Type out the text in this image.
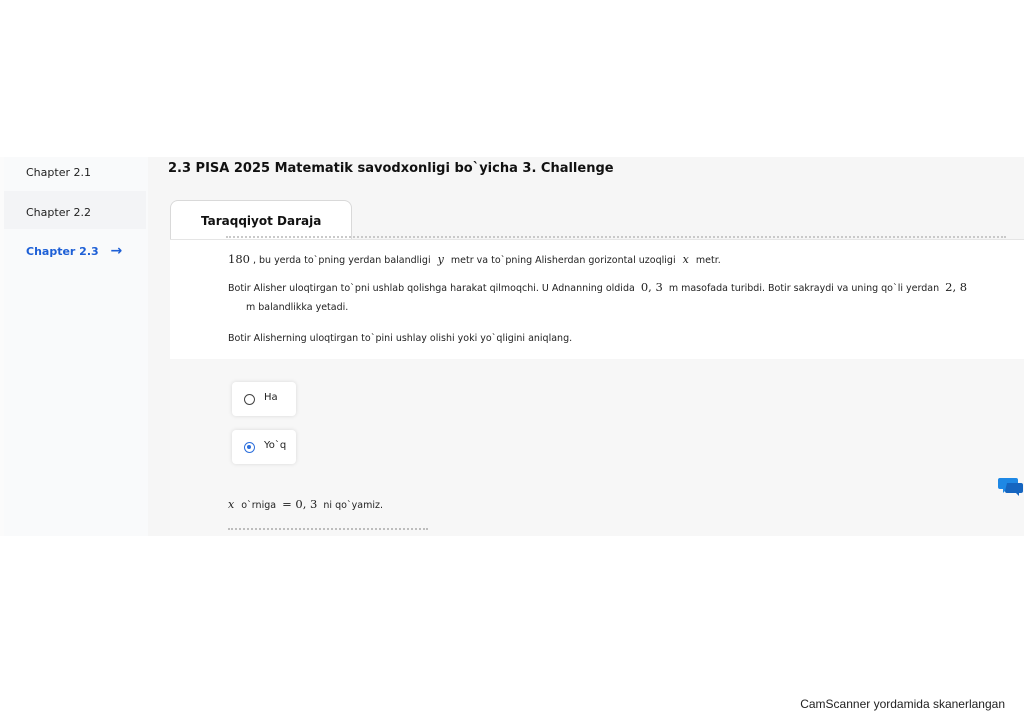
Chapter 2.1
Chapter 2.2
Chapter 2.3 →
2.3 PISA 2025 Matematik savodxonligi bo`yicha 3. Challenge
Taraqqiyot Daraja
180 , bu yerda to`pning yerdan balandligi y metr va to`pning Alisherdan gorizontal uzoqligi x metr.
Botir Alisher uloqtirgan to`pni ushlab qolishga harakat qilmoqchi. U Adnanning oldida 0, 3 m masofada turibdi. Botir sakraydi va uning qo`li yerdan 2, 8
m balandlikka yetadi.
Botir Alisherning uloqtirgan to`pini ushlay olishi yoki yo`qligini aniqlang.
Ha
Yo`q
x o`rniga = 0, 3 ni qo`yamiz.
CamScanner yordamida skanerlangan
